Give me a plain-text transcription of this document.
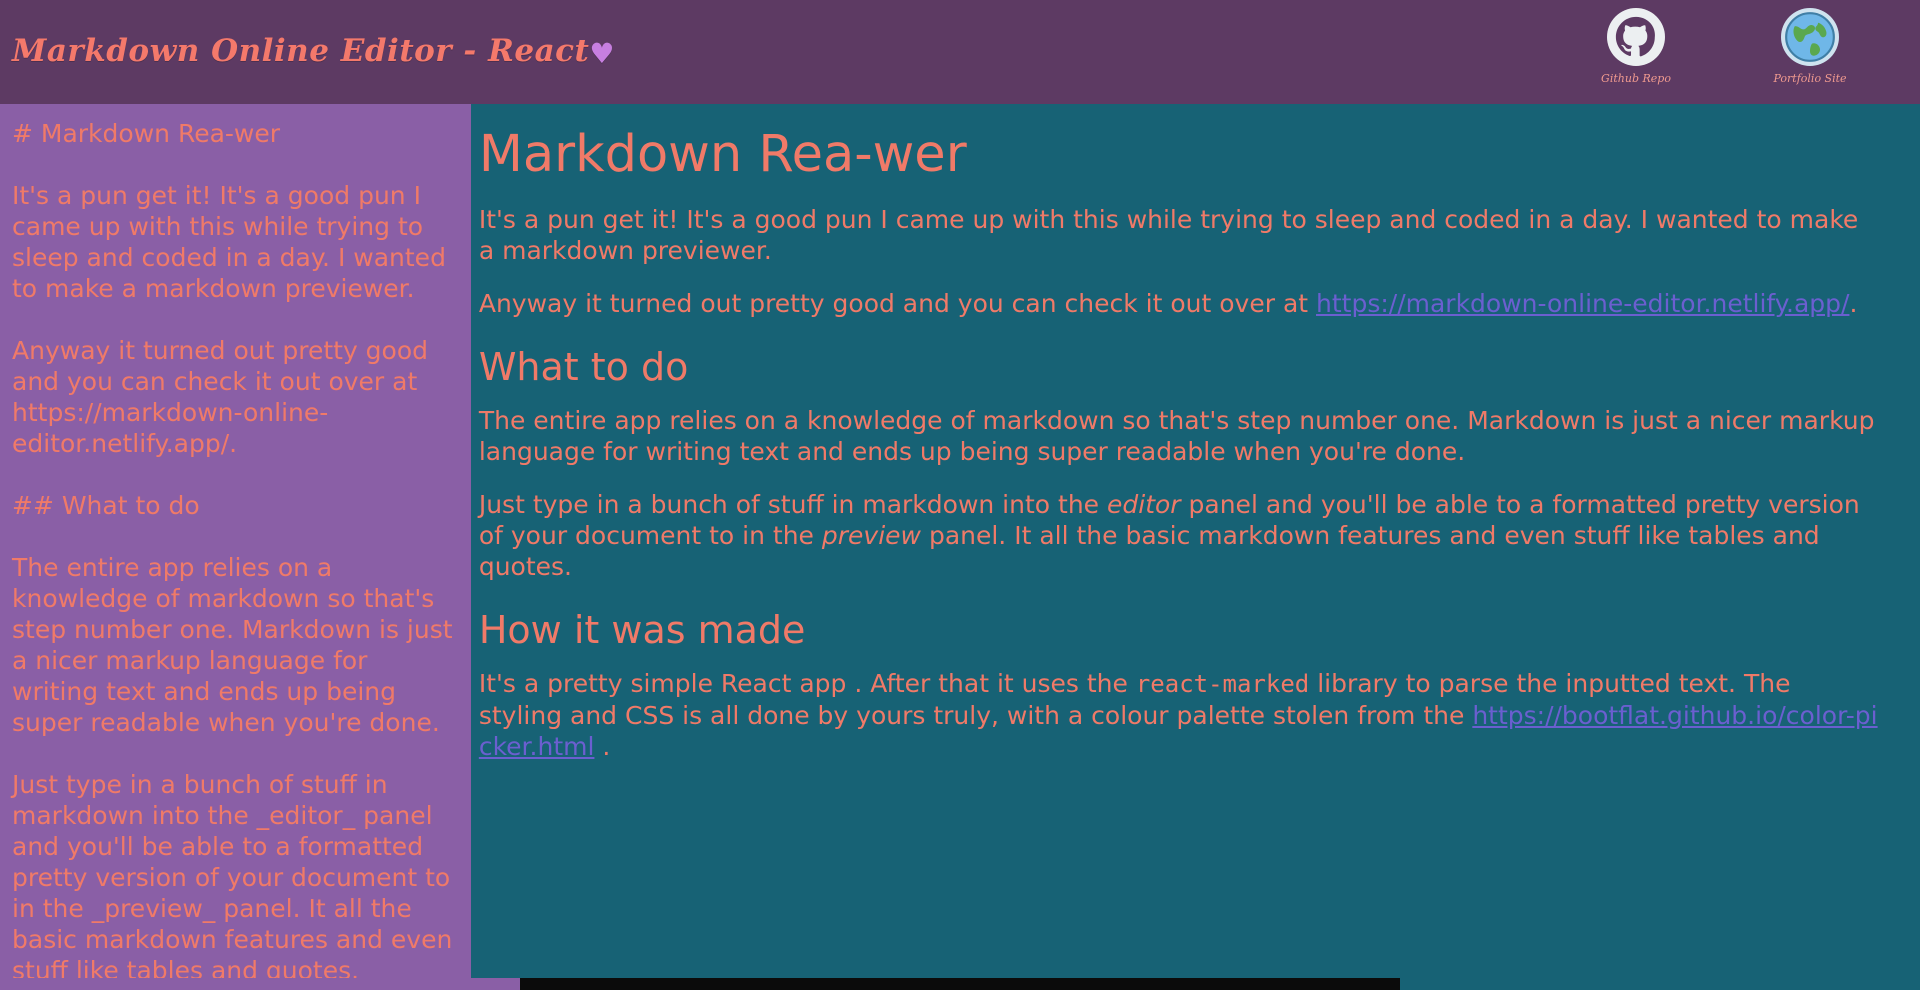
Markdown Online Editor - React♥
Github Repo	Portfolio Site
# Markdown Rea-wer It's a pun get it! It's a good pun I came up with this while trying to sleep and coded in a day. I wanted to make a markdown previewer. Anyway it turned out pretty good and you can check it out over at https://markdown-online-editor.netlify.app/. ## What to do The entire app relies on a knowledge of markdown so that's step number one. Markdown is just a nicer markup language for writing text and ends up being super readable when you're done. Just type in a bunch of stuff in markdown into the _editor_ panel and you'll be able to a formatted pretty version of your document to in the _preview_ panel. It all the basic markdown features and even stuff like tables and quotes. ## How it was made It's a pretty simple React app . After that it uses the `react-marked` library to parse the inputted text. The styling and CSS is all done by yours truly, with a colour palette stolen from the https://bootflat.github.io/color-picker.html .
Markdown Rea-wer

It's a pun get it! It's a good pun I came up with this while trying to sleep and coded in a day. I wanted to make a markdown previewer.

Anyway it turned out pretty good and you can check it out over at https://markdown-online-editor.netlify.app/.

What to do

The entire app relies on a knowledge of markdown so that's step number one. Markdown is just a nicer markup language for writing text and ends up being super readable when you're done.

Just type in a bunch of stuff in markdown into the editor panel and you'll be able to a formatted pretty version of your document to in the preview panel. It all the basic markdown features and even stuff like tables and quotes.

How it was made

It's a pretty simple React app . After that it uses the react-marked library to parse the inputted text. The styling and CSS is all done by yours truly, with a colour palette stolen from the https://bootflat.github.io/color-picker.html .
